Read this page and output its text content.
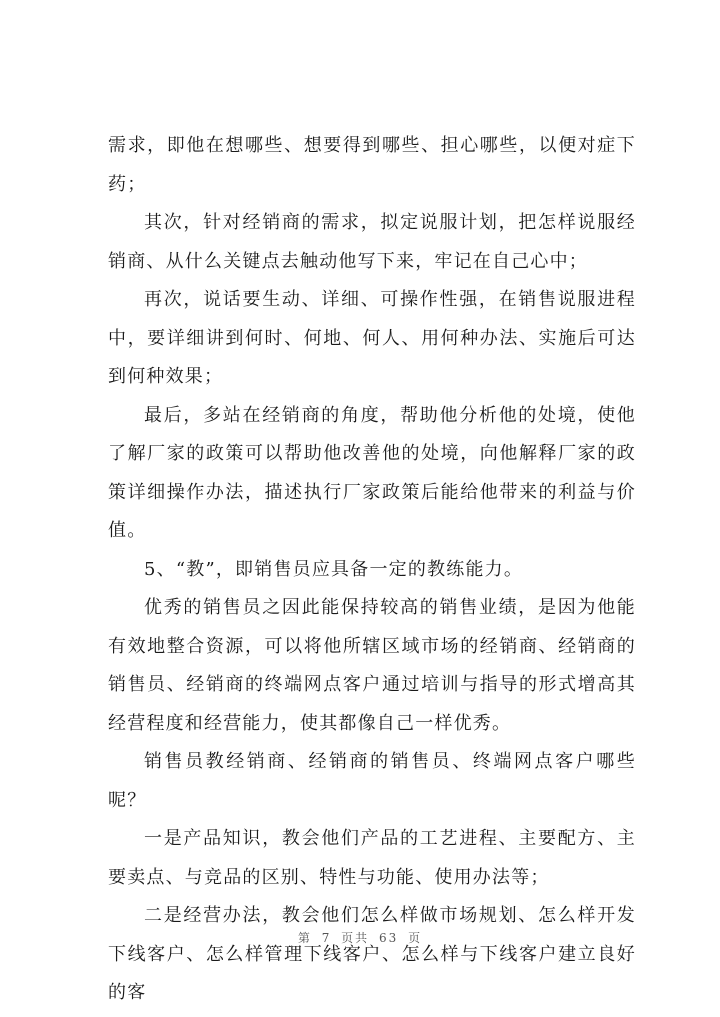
需求，即他在想哪些、想要得到哪些、担心哪些，以便对症下药；

其次，针对经销商的需求，拟定说服计划，把怎样说服经销商、从什么关键点去触动他写下来，牢记在自己心中；

再次，说话要生动、详细、可操作性强，在销售说服进程中，要详细讲到何时、何地、何人、用何种办法、实施后可达到何种效果；

最后，多站在经销商的角度，帮助他分析他的处境，使他了解厂家的政策可以帮助他改善他的处境，向他解释厂家的政策详细操作办法，描述执行厂家政策后能给他带来的利益与价值。

5、“教”，即销售员应具备一定的教练能力。

优秀的销售员之因此能保持较高的销售业绩，是因为他能有效地整合资源，可以将他所辖区域市场的经销商、经销商的销售员、经销商的终端网点客户通过培训与指导的形式增高其经营程度和经营能力，使其都像自己一样优秀。

销售员教经销商、经销商的销售员、终端网点客户哪些呢？

一是产品知识，教会他们产品的工艺进程、主要配方、主要卖点、与竞品的区别、特性与功能、使用办法等；

二是经营办法，教会他们怎么样做市场规划、怎么样开发下线客户、怎么样管理下线客户、怎么样与下线客户建立良好的客

第 7 页共 63 页
